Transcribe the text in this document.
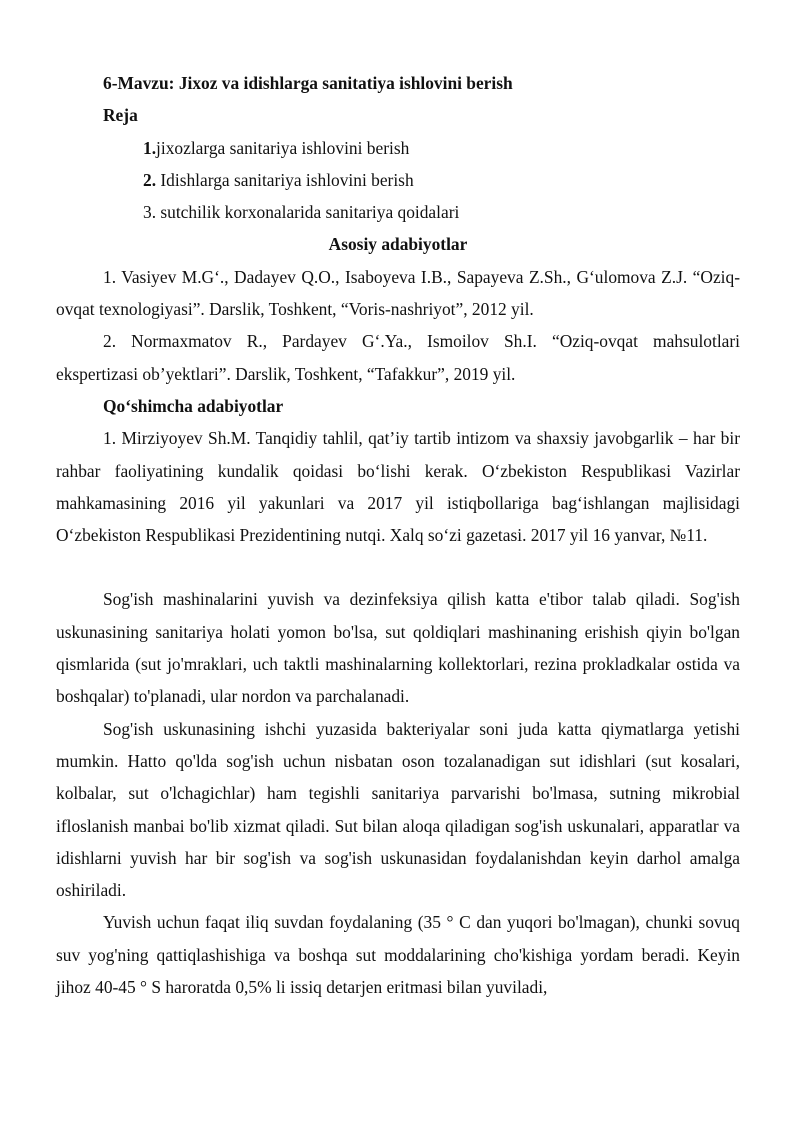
6-Mavzu: Jixoz va idishlarga sanitatiya ishlovini berish
Reja
1.jixozlarga sanitariya ishlovini berish
2. Idishlarga sanitariya ishlovini berish
3. sutchilik korxonalarida sanitariya qoidalari
Asosiy adabiyotlar

1. Vasiyev M.G‘., Dadayev Q.O., Isaboyeva I.B., Sapayeva Z.Sh., G‘ulomova Z.J. “Oziq-ovqat texnologiyasi”. Darslik, Toshkent, “Voris-nashriyot”, 2012 yil.

2. Normaxmatov R., Pardayev G‘.Ya., Ismoilov Sh.I. “Oziq-ovqat mahsulotlari ekspertizasi ob’yektlari”. Darslik, Toshkent, “Tafakkur”, 2019 yil.

Qo‘shimcha adabiyotlar

1. Mirziyoyev Sh.M. Tanqidiy tahlil, qat’iy tartib intizom va shaxsiy javobgarlik – har bir rahbar faoliyatining kundalik qoidasi bo‘lishi kerak. O‘zbekiston Respublikasi Vazirlar mahkamasining 2016 yil yakunlari va 2017 yil istiqbollariga bag‘ishlangan majlisidagi O‘zbekiston Respublikasi Prezidentining nutqi. Xalq so‘zi gazetasi. 2017 yil 16 yanvar, №11.

Sog'ish mashinalarini yuvish va dezinfeksiya qilish katta e'tibor talab qiladi. Sog'ish uskunasining sanitariya holati yomon bo'lsa, sut qoldiqlari mashinaning erishish qiyin bo'lgan qismlarida (sut jo'mraklari, uch taktli mashinalarning kollektorlari, rezina prokladkalar ostida va boshqalar) to'planadi, ular nordon va parchalanadi.

Sog'ish uskunasining ishchi yuzasida bakteriyalar soni juda katta qiymatlarga yetishi mumkin. Hatto qo'lda sog'ish uchun nisbatan oson tozalanadigan sut idishlari (sut kosalari, kolbalar, sut o'lchagichlar) ham tegishli sanitariya parvarishi bo'lmasa, sutning mikrobial ifloslanish manbai bo'lib xizmat qiladi. Sut bilan aloqa qiladigan sog'ish uskunalari, apparatlar va idishlarni yuvish har bir sog'ish va sog'ish uskunasidan foydalanishdan keyin darhol amalga oshiriladi.

Yuvish uchun faqat iliq suvdan foydalaning (35 ° C dan yuqori bo'lmagan), chunki sovuq suv yog'ning qattiqlashishiga va boshqa sut moddalarining cho'kishiga yordam beradi. Keyin jihoz 40-45 ° S haroratda 0,5% li issiq detarjen eritmasi bilan yuviladi,
